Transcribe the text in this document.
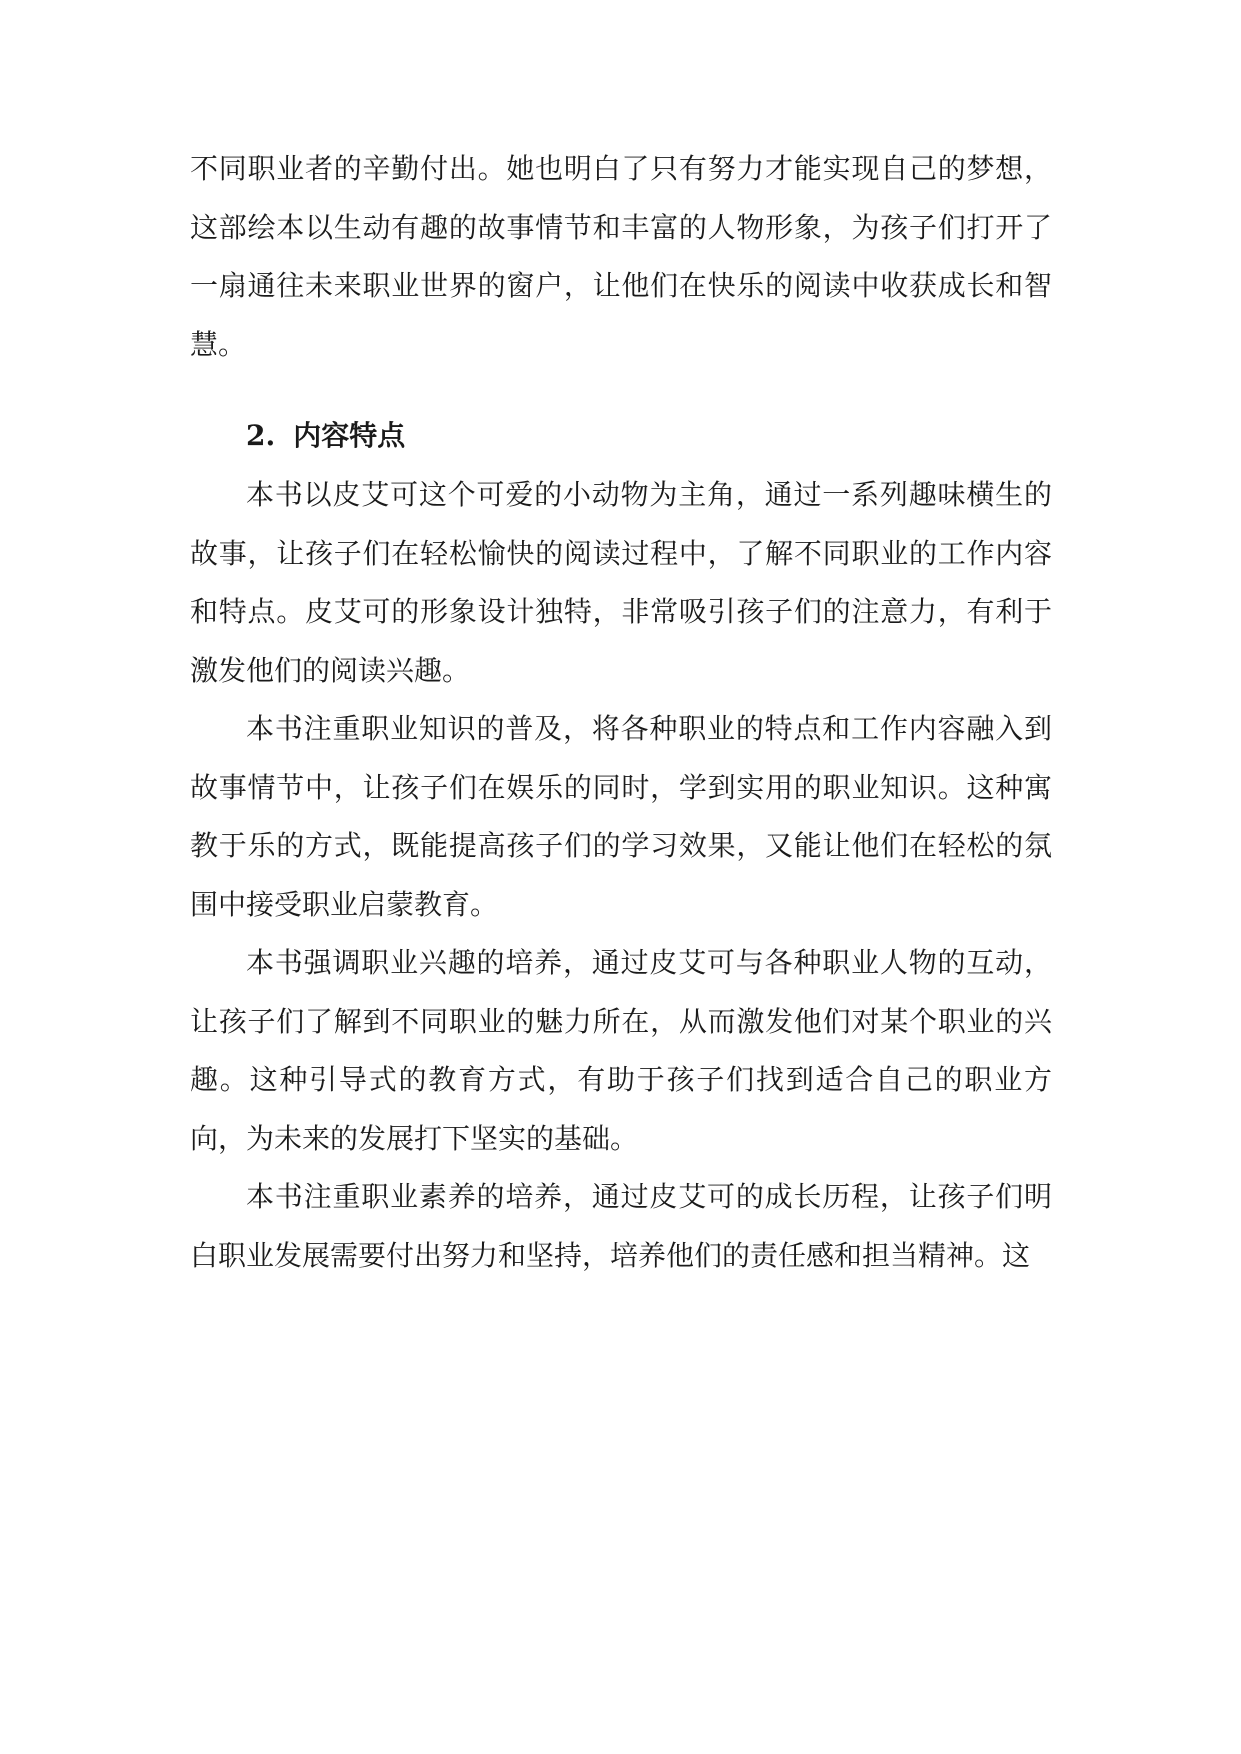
不同职业者的辛勤付出。她也明白了只有努力才能实现自己的梦想，这部绘本以生动有趣的故事情节和丰富的人物形象，为孩子们打开了一扇通往未来职业世界的窗户，让他们在快乐的阅读中收获成长和智慧。

2. 内容特点

本书以皮艾可这个可爱的小动物为主角，通过一系列趣味横生的故事，让孩子们在轻松愉快的阅读过程中，了解不同职业的工作内容和特点。皮艾可的形象设计独特，非常吸引孩子们的注意力，有利于激发他们的阅读兴趣。

本书注重职业知识的普及，将各种职业的特点和工作内容融入到故事情节中，让孩子们在娱乐的同时，学到实用的职业知识。这种寓教于乐的方式，既能提高孩子们的学习效果，又能让他们在轻松的氛围中接受职业启蒙教育。

本书强调职业兴趣的培养，通过皮艾可与各种职业人物的互动，让孩子们了解到不同职业的魅力所在，从而激发他们对某个职业的兴趣。这种引导式的教育方式，有助于孩子们找到适合自己的职业方向，为未来的发展打下坚实的基础。

本书注重职业素养的培养，通过皮艾可的成长历程，让孩子们明白职业发展需要付出努力和坚持，培养他们的责任感和担当精神。这
